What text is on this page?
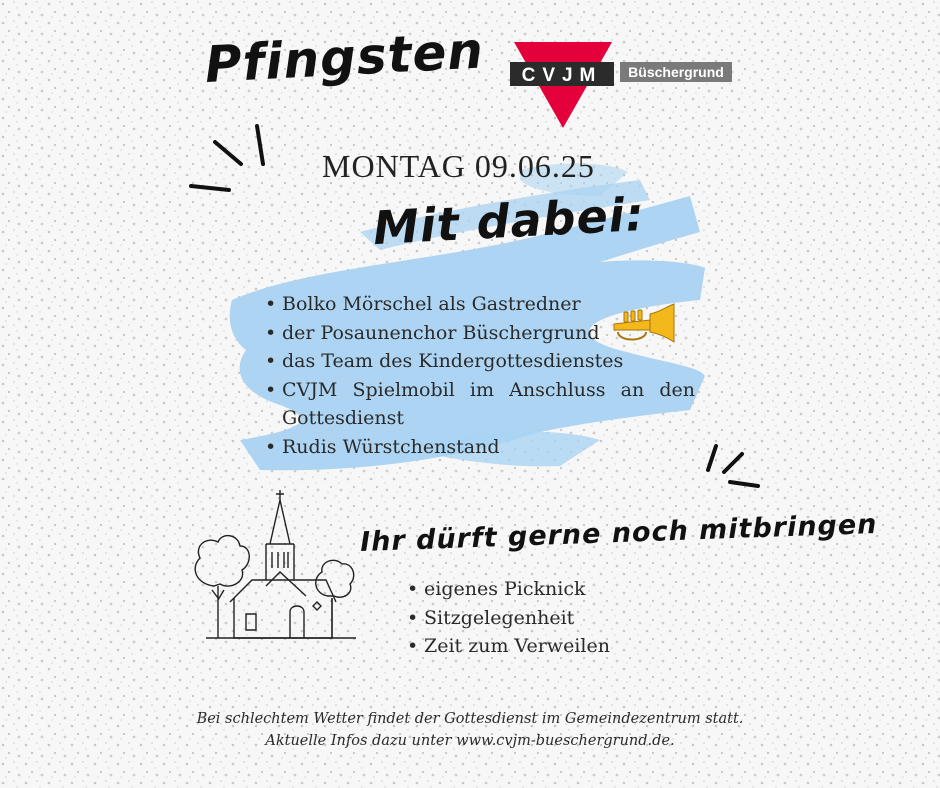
Pfingsten CVJM Büschergrund
MONTAG 09.06.25
Mit dabei:
• Bolko Mörschel als Gastredner
• der Posaunenchor Büschergrund
• das Team des Kindergottesdienstes
• CVJM Spielmobil im Anschluss an den Gottesdienst
• Rudis Würstchenstand
Ihr dürft gerne noch mitbringen
• eigenes Picknick
• Sitzgelegenheit
• Zeit zum Verweilen
Bei schlechtem Wetter findet der Gottesdienst im Gemeindezentrum statt.
Aktuelle Infos dazu unter www.cvjm-bueschergrund.de.
